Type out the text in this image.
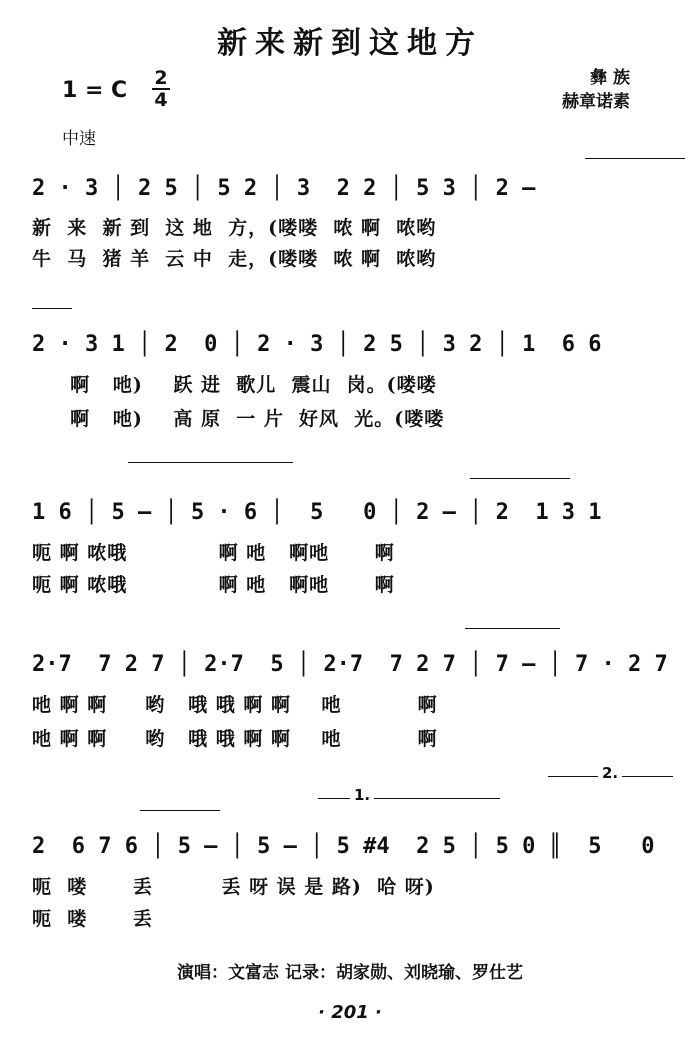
新来新到这地方
1 = C 2
4
彝 族
赫章诺素
中速
2 · 3 │ 2 5 │ 5 2 │ 3  2 2 │ 5 3 │ 2 –
新  来  新 到  这 地  方，(喽喽  哝 啊  哝哟
牛  马  猪 羊  云 中  走，(喽喽  哝 啊  哝哟
2 · 3 1 │ 2  0 │ 2 · 3 │ 2 5 │ 3 2 │ 1  6 6
啊   吔)    跃 进  歌儿  震山  岗。(喽喽
啊   吔)    高 原  一 片  好风  光。(喽喽
1 6 │ 5 – │ 5 · 6 │  5   0 │ 2 – │ 2  1 3 1
呃 啊 哝哦            啊 吔   啊吔      啊
呃 啊 哝哦            啊 吔   啊吔      啊
2·7  7 2 7 │ 2·7  5 │ 2·7  7 2 7 │ 7 – │ 7 · 2 7
吔 啊 啊     哟   哦 哦 啊 啊    吔          啊
吔 啊 啊     哟   哦 哦 啊 啊    吔          啊
1.
2.
2  6 7 6 │ 5 – │ 5 – │ 5 #4  2 5 │ 5 0 ║  5   0
呃  喽      丢         丢 呀 误 是 路)  哈 呀)
呃  喽      丢
演唱：文富志 记录：胡家勋、刘晓瑜、罗仕艺
· 201 ·
